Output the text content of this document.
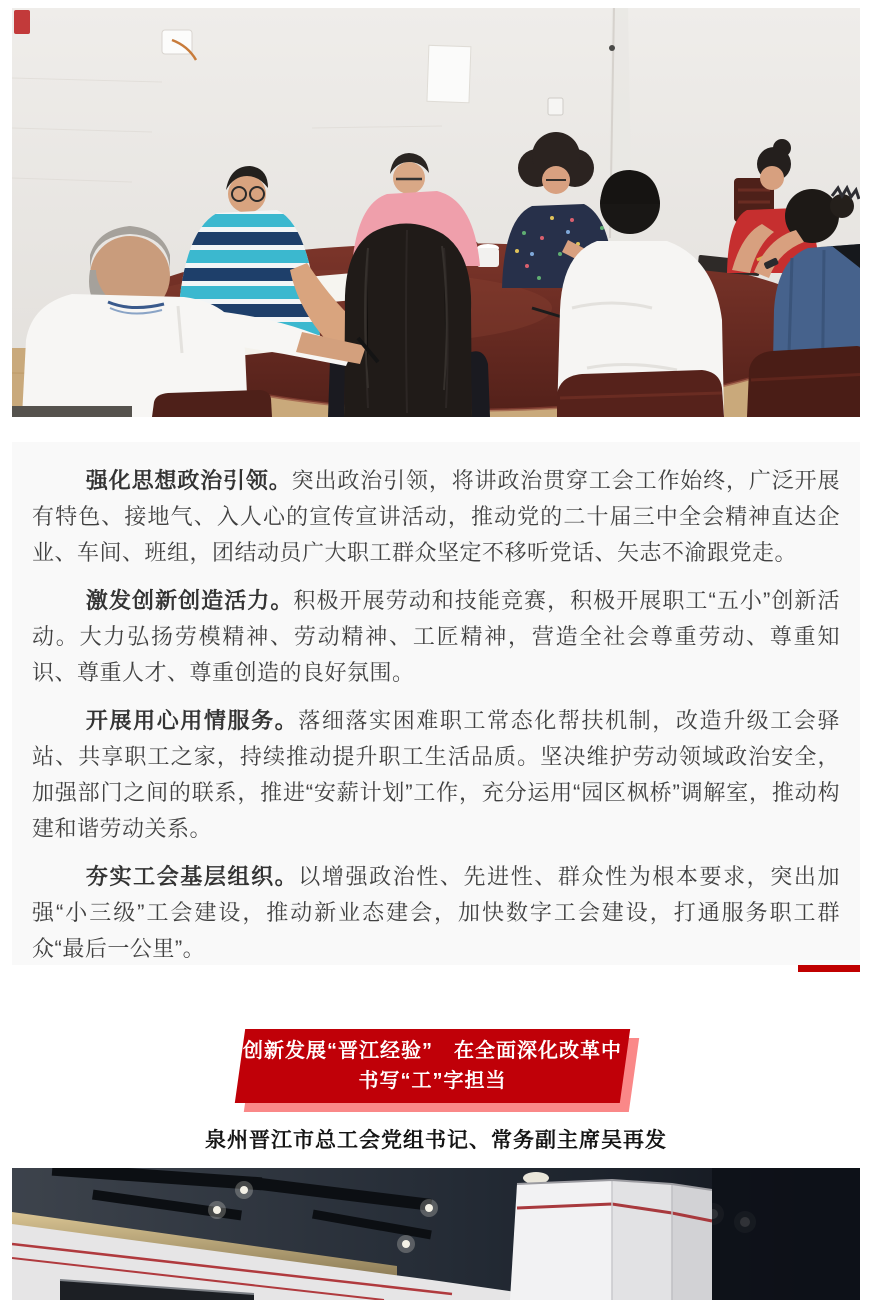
强化思想政治引领。突出政治引领，将讲政治贯穿工会工作始终，广泛开展有特色、接地气、入人心的宣传宣讲活动，推动党的二十届三中全会精神直达企业、车间、班组，团结动员广大职工群众坚定不移听党话、矢志不渝跟党走。

激发创新创造活力。积极开展劳动和技能竞赛，积极开展职工“五小”创新活动。大力弘扬劳模精神、劳动精神、工匠精神，营造全社会尊重劳动、尊重知识、尊重人才、尊重创造的良好氛围。

开展用心用情服务。落细落实困难职工常态化帮扶机制，改造升级工会驿站、共享职工之家，持续推动提升职工生活品质。坚决维护劳动领域政治安全，加强部门之间的联系，推进“安薪计划”工作，充分运用“园区枫桥”调解室，推动构建和谐劳动关系。

夯实工会基层组织。以增强政治性、先进性、群众性为根本要求，突出加强“小三级”工会建设，推动新业态建会，加快数字工会建设，打通服务职工群众“最后一公里”。

创新发展“晋江经验”　在全面深化改革中
书写“工”字担当
泉州晋江市总工会党组书记、常务副主席吴再发
